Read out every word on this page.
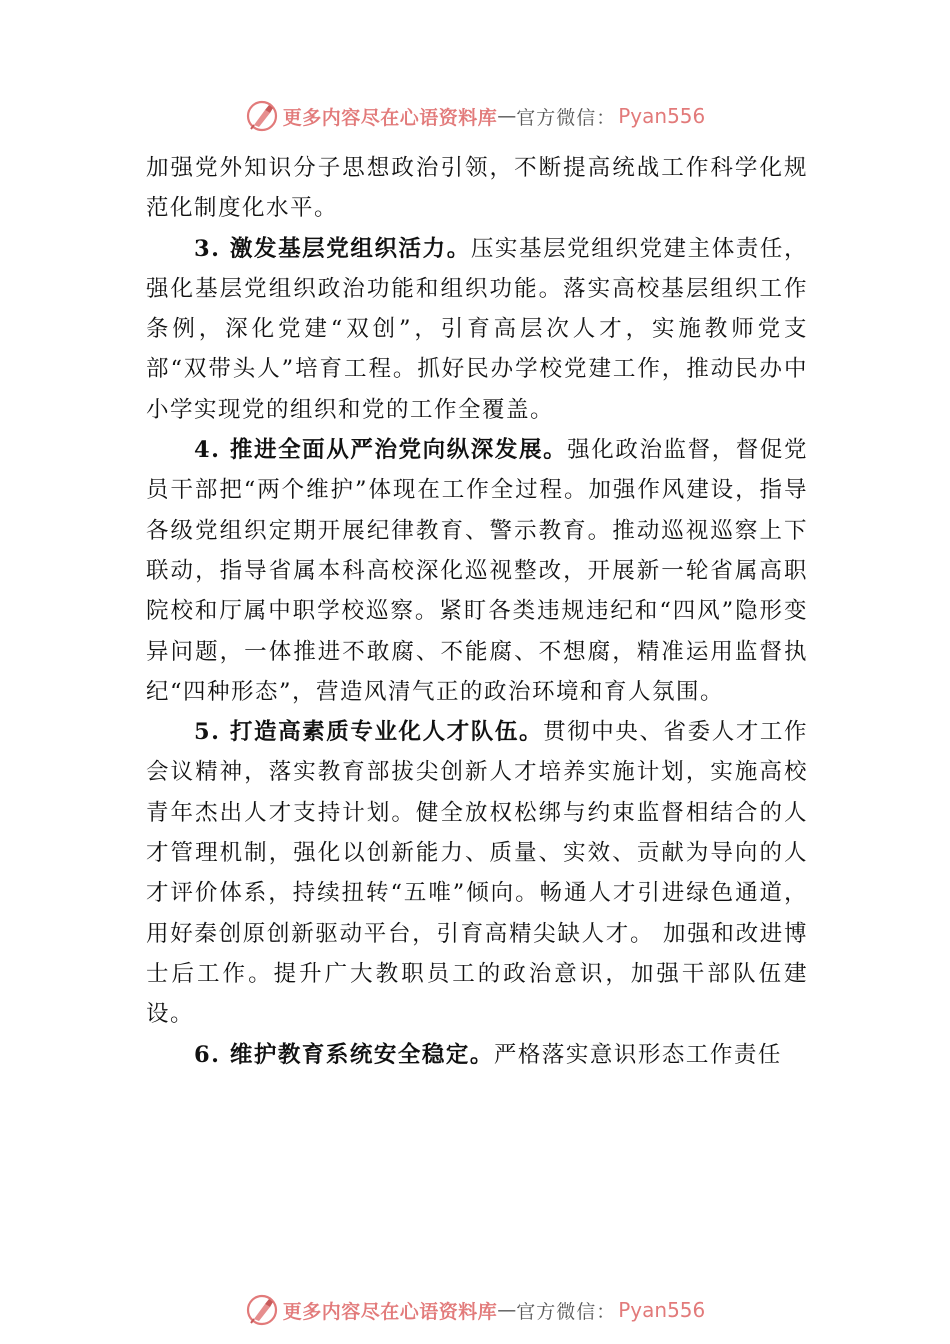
更多内容尽在心语资料库 — 官方微信： Pyan556

加强党外知识分子思想政治引领，不断提高统战工作科学化规范化制度化水平。

3. 激发基层党组织活力。压实基层党组织党建主体责任，强化基层党组织政治功能和组织功能。落实高校基层组织工作条例，深化党建“双创”，引育高层次人才，实施教师党支部“双带头人”培育工程。抓好民办学校党建工作，推动民办中小学实现党的组织和党的工作全覆盖。

4. 推进全面从严治党向纵深发展。强化政治监督，督促党员干部把“两个维护”体现在工作全过程。加强作风建设，指导各级党组织定期开展纪律教育、警示教育。推动巡视巡察上下联动，指导省属本科高校深化巡视整改，开展新一轮省属高职院校和厅属中职学校巡察。紧盯各类违规违纪和“四风”隐形变异问题，一体推进不敢腐、不能腐、不想腐，精准运用监督执纪“四种形态”，营造风清气正的政治环境和育人氛围。

5. 打造高素质专业化人才队伍。贯彻中央、省委人才工作会议精神，落实教育部拔尖创新人才培养实施计划，实施高校青年杰出人才支持计划。健全放权松绑与约束监督相结合的人才管理机制，强化以创新能力、质量、实效、贡献为导向的人才评价体系，持续扭转“五唯”倾向。畅通人才引进绿色通道，用好秦创原创新驱动平台，引育高精尖缺人才。 加强和改进博士后工作。提升广大教职员工的政治意识，加强干部队伍建设。

6. 维护教育系统安全稳定。严格落实意识形态工作责任

更多内容尽在心语资料库 — 官方微信： Pyan556
